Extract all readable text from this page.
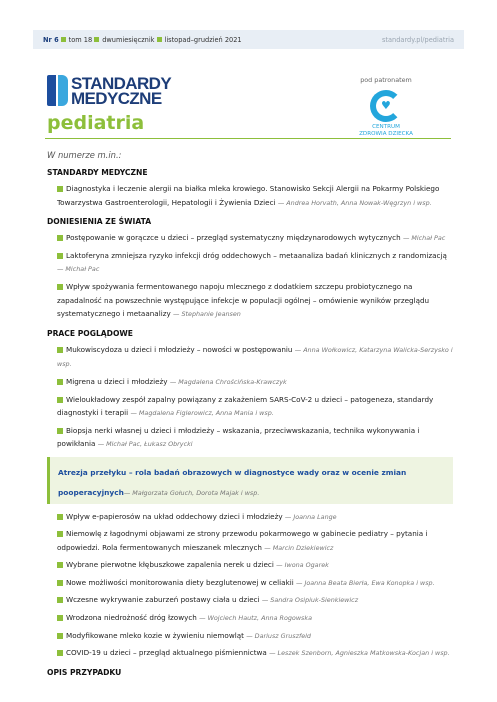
Nr 6 tom 18 dwumiesięcznik listopad–grudzień 2021	standardy.pl/pediatria
STANDARDY
MEDYCZNE
pediatria
pod patronatem
♥
CENTRUM
ZDROWIA DZIECKA
W numerze m.in.:
STANDARDY MEDYCZNE
Diagnostyka i leczenie alergii na białka mleka krowiego. Stanowisko Sekcji Alergii na Pokarmy Polskiego Towarzystwa Gastroenterologii, Hepatologii i Żywienia Dzieci — Andrea Horvath, Anna Nowak-Węgrzyn i wsp.
DONIESIENIA ZE ŚWIATA
Postępowanie w gorączce u dzieci – przegląd systematyczny międzynarodowych wytycznych — Michał Pac
Laktoferyna zmniejsza ryzyko infekcji dróg oddechowych – metaanaliza badań klinicznych z randomizacją — Michał Pac
Wpływ spożywania fermentowanego napoju mlecznego z dodatkiem szczepu probiotycznego na zapadalność na powszechnie występujące infekcje w populacji ogólnej – omówienie wyników przeglądu systematycznego i metaanalizy — Stephanie Jeansen
PRACE POGLĄDOWE
Mukowiscydoza u dzieci i młodzieży – nowości w postępowaniu — Anna Wołkowicz, Katarzyna Walicka-Serzysko i wsp.
Migrena u dzieci i młodzieży — Magdalena Chrościńska-Krawczyk
Wieloukładowy zespół zapalny powiązany z zakażeniem SARS-CoV-2 u dzieci – patogeneza, standardy diagnostyki i terapii — Magdalena Figlerowicz, Anna Mania i wsp.
Biopsja nerki własnej u dzieci i młodzieży – wskazania, przeciwwskazania, technika wykonywania i powikłania — Michał Pac, Łukasz Obrycki
Atrezja przełyku – rola badań obrazowych w diagnostyce wady oraz w ocenie zmian pooperacyjnych— Małgorzata Gołuch, Dorota Majak i wsp.
Wpływ e-papierosów na układ oddechowy dzieci i młodzieży — Joanna Lange
Niemowlę z łagodnymi objawami ze strony przewodu pokarmowego w gabinecie pediatry – pytania i odpowiedzi. Rola fermentowanych mieszanek mlecznych — Marcin Dziekiewicz
Wybrane pierwotne kłębuszkowe zapalenia nerek u dzieci — Iwona Ogarek
Nowe możliwości monitorowania diety bezglutenowej w celiakii — Joanna Beata Bierła, Ewa Konopka i wsp.
Wczesne wykrywanie zaburzeń postawy ciała u dzieci — Sandra Osipiuk-Sienkiewicz
Wrodzona niedrożność dróg łzowych — Wojciech Hautz, Anna Rogowska
Modyfikowane mleko kozie w żywieniu niemowląt — Dariusz Gruszfeld
COVID-19 u dzieci – przegląd aktualnego piśmiennictwa — Leszek Szenborn, Agnieszka Matkowska-Kocjan i wsp.
OPIS PRZYPADKU
